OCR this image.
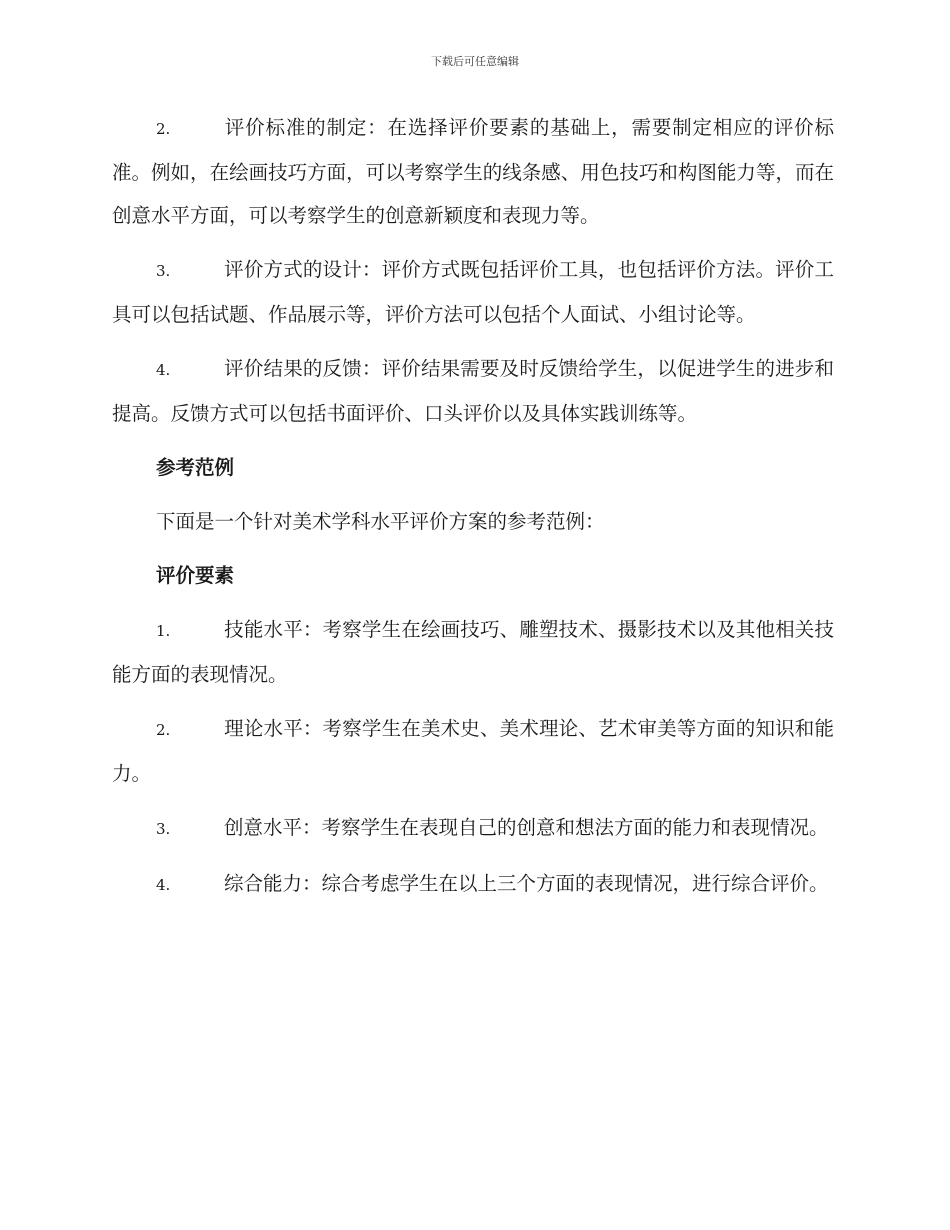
下载后可任意编辑

2.	评价标准的制定：在选择评价要素的基础上，需要制定相应的评价标准。例如，在绘画技巧方面，可以考察学生的线条感、用色技巧和构图能力等，而在创意水平方面，可以考察学生的创意新颖度和表现力等。

3.	评价方式的设计：评价方式既包括评价工具，也包括评价方法。评价工具可以包括试题、作品展示等，评价方法可以包括个人面试、小组讨论等。

4.	评价结果的反馈：评价结果需要及时反馈给学生，以促进学生的进步和提高。反馈方式可以包括书面评价、口头评价以及具体实践训练等。

参考范例

下面是一个针对美术学科水平评价方案的参考范例：

评价要素

1.	技能水平：考察学生在绘画技巧、雕塑技术、摄影技术以及其他相关技能方面的表现情况。

2.	理论水平：考察学生在美术史、美术理论、艺术审美等方面的知识和能力。

3.	创意水平：考察学生在表现自己的创意和想法方面的能力和表现情况。

4.	综合能力：综合考虑学生在以上三个方面的表现情况，进行综合评价。
